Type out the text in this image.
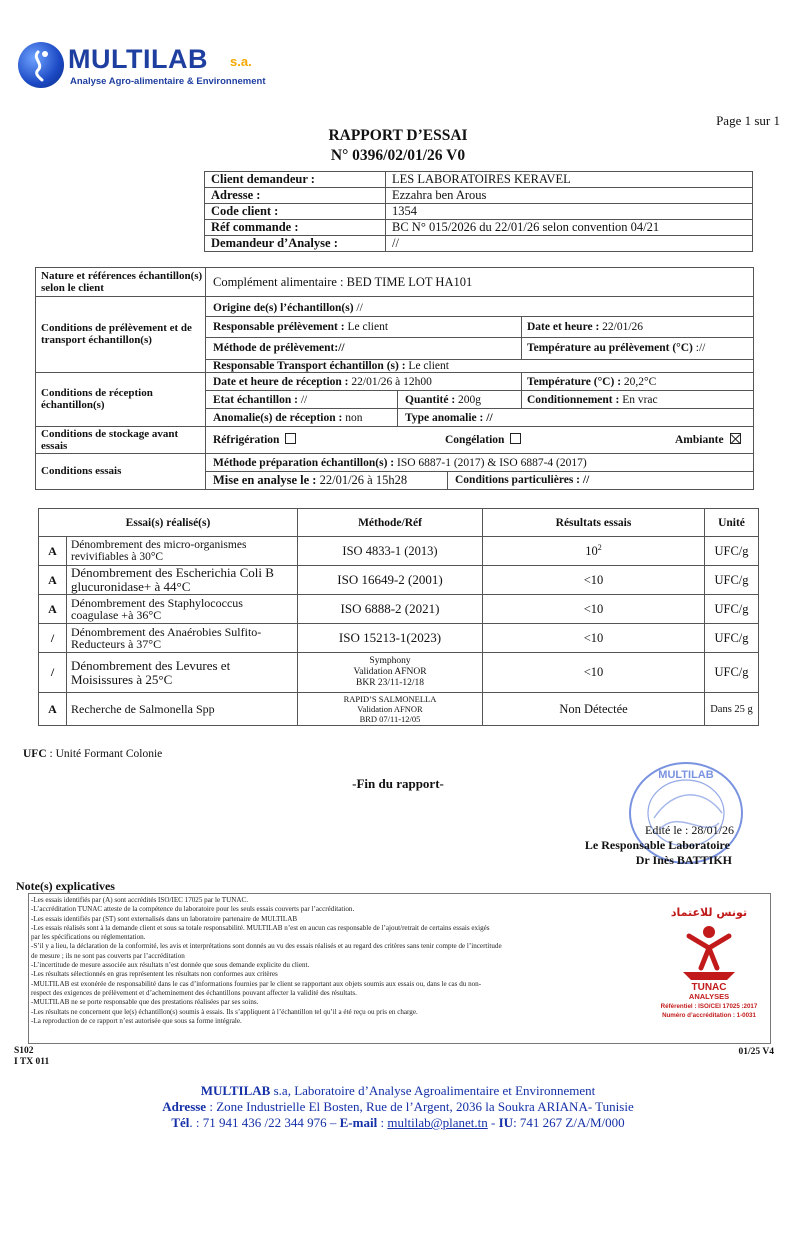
MULTILAB s.a.
Analyse Agro-alimentaire & Environnement
Page 1 sur 1
RAPPORT D’ESSAI
N° 0396/02/01/26 V0
Client demandeur :	LES LABORATOIRES KERAVEL
Adresse :	Ezzahra ben Arous
Code client :	1354
Réf commande :	BC N° 015/2026 du 22/01/26 selon convention 04/21
Demandeur d’Analyse :	//
Nature et références échantillon(s) selon le client	Complément alimentaire : BED TIME LOT HA101
Conditions de prélèvement et de transport échantillon(s)
Origine de(s) l’échantillon(s) //
Responsable prélèvement : Le client	Date et heure : 22/01/26
Méthode de prélèvement://	Température au prélèvement (°C) ://
Responsable Transport échantillon (s) : Le client
Conditions de réception échantillon(s)
Date et heure de réception : 22/01/26 à 12h00	Température (°C) : 20,2°C
Etat échantillon : //	Quantité : 200g	Conditionnement : En vrac
Anomalie(s) de réception : non	Type anomalie : //
Conditions de stockage avant essais	Réfrigération	Congélation	Ambiante
Conditions essais
Méthode préparation échantillon(s) : ISO 6887-1 (2017) & ISO 6887-4 (2017)
Mise en analyse le : 22/01/26 à 15h28	Conditions particulières : //
Essai(s) réalisé(s)		Méthode/Réf	Résultats essais	Unité
A	Dénombrement des micro-organismes revivifiables à 30°C	ISO 4833-1 (2013)	$10^2$	UFC/g
A	Dénombrement des Escherichia Coli B glucuronidase+ à 44°C	ISO 16649-2 (2001)	<10	UFC/g
A	Dénombrement des Staphylococcus coagulase +à 36°C	ISO 6888-2 (2021)	<10	UFC/g
/	Dénombrement des Anaérobies Sulfito-Reducteurs à 37°C	ISO 15213-1(2023)	<10	UFC/g
/	Dénombrement des Levures et Moisissures à 25°C	Symphony
Validation AFNOR
BKR 23/11-12/18	<10	UFC/g
A	Recherche de Salmonella Spp	RAPID’S SALMONELLA
Validation AFNOR
BRD 07/11-12/05	Non Détectée	Dans 25 g
UFC : Unité Formant Colonie
-Fin du rapport-
MULTILAB
Edité le : 28/01/26
Le Responsable Laboratoire
Dr Inès BATTIKH
Note(s) explicatives
-Les essais identifiés par (A) sont accrédités ISO/IEC 17025 par le TUNAC.
-L’accréditation TUNAC atteste de la compétence du laboratoire pour les seuls essais couverts par l’accréditation.
-Les essais identifiés par (ST) sont externalisés dans un laboratoire partenaire de MULTILAB
-Les essais réalisés sont à la demande client et sous sa totale responsabilité. MULTILAB n’est en aucun cas responsable de l’ajout/retrait de certains essais exigés
par les spécifications ou réglementation.
-S’il y a lieu, la déclaration de la conformité, les avis et interprétations sont donnés au vu des essais réalisés et au regard des critères sans tenir compte de l’incertitude
de mesure ; ils ne sont pas couverts par l’accréditation
-L’incertitude de mesure associée aux résultats n’est donnée que sous demande explicite du client.
-Les résultats sélectionnés en gras représentent les résultats non conformes aux critères
-MULTILAB est exonérée de responsabilité dans le cas d’informations fournies par le client se rapportant aux objets soumis aux essais ou, dans le cas du non-
respect des exigences de prélèvement et d’acheminement des échantillons pouvant affecter la validité des résultats.
-MULTILAB ne se porte responsable que des prestations réalisées par ses soins.
-Les résultats ne concernent que le(s) échantillon(s) soumis à essais. Ils s’appliquent à l’échantillon tel qu’il a été reçu ou pris en charge.
-La reproduction de ce rapport n’est autorisée que sous sa forme intégrale.
تونس للاعتماد
TUNAC
ANALYSES
Référentiel : ISO/CEI 17025 :2017
Numéro d’accréditation : 1-0031
S102
I TX 011
01/25 V4
MULTILAB s.a, Laboratoire d’Analyse Agroalimentaire et Environnement
Adresse : Zone Industrielle El Bosten, Rue de l’Argent, 2036 la Soukra ARIANA- Tunisie
Tél. : 71 941 436 /22 344 976 – E-mail : multilab@planet.tn - IU: 741 267 Z/A/M/000
